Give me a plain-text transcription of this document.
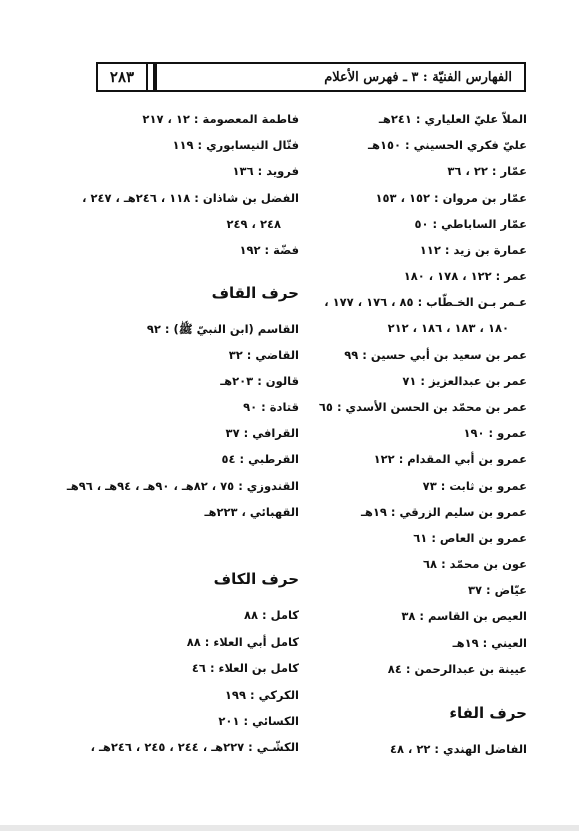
٢٨٣	الفهارس الفنيّة : ٣ ـ فهرس الأعلام
الملاّ عليّ العلياري : ٢٤١هـ
عليّ فكري الحسيني : ١٥٠هـ
عمّار : ٢٢ ، ٣٦
عمّار بن مروان : ١٥٢ ، ١٥٣
عمّار الساباطي : ٥٠
عمارة بن زيد : ١١٢
عمر : ١٢٢ ، ١٧٨ ، ١٨٠
عـمر بـن الخـطّاب : ٨٥ ، ١٧٦ ، ١٧٧ ،
١٨٠ ، ١٨٣ ، ١٨٦ ، ٢١٢
عمر بن سعيد بن أبي حسين : ٩٩
عمر بن عبدالعزيز : ٧١
عمر بن محمّد بن الحسن الأسدي : ٦٥
عمرو : ١٩٠
عمرو بن أبي المقدام : ١٢٢
عمرو بن ثابت : ٧٣
عمرو بن سليم الزرقي : ١٩هـ
عمرو بن العاص : ٦١
عون بن محمّد : ٦٨
عيّاض : ٣٧
العيص بن القاسم : ٣٨
العيني : ١٩هـ
عيينة بن عبدالرحمن : ٨٤
حرف الفاء
الفاضل الهندي : ٢٢ ، ٤٨
فاطمة المعصومة : ١٢ ، ٢١٧
فتّال النيسابوري : ١١٩
فرويد : ١٣٦
الفضل بن شاذان : ١١٨ ، ٢٤٦هـ ، ٢٤٧ ،
٢٤٨ ، ٢٤٩
فضّة : ١٩٢
حرف القاف
القاسم (ابن النبيّ ﷺ) : ٩٢
القاضي : ٣٢
قالون : ٢٠٣هـ
قتادة : ٩٠
القرافي : ٣٧
القرطبي : ٥٤
القندوزي : ٧٥ ، ٨٢هـ ، ٩٠هـ ، ٩٤هـ ، ٩٦هـ
القهبائي ، ٢٢٣هـ
حرف الكاف
كامل : ٨٨
كامل أبي العلاء : ٨٨
كامل بن العلاء : ٤٦
الكركي : ١٩٩
الكسائي : ٢٠١
الكشّـي : ٢٢٧هـ ، ٢٤٤ ، ٢٤٥ ، ٢٤٦هـ ،
